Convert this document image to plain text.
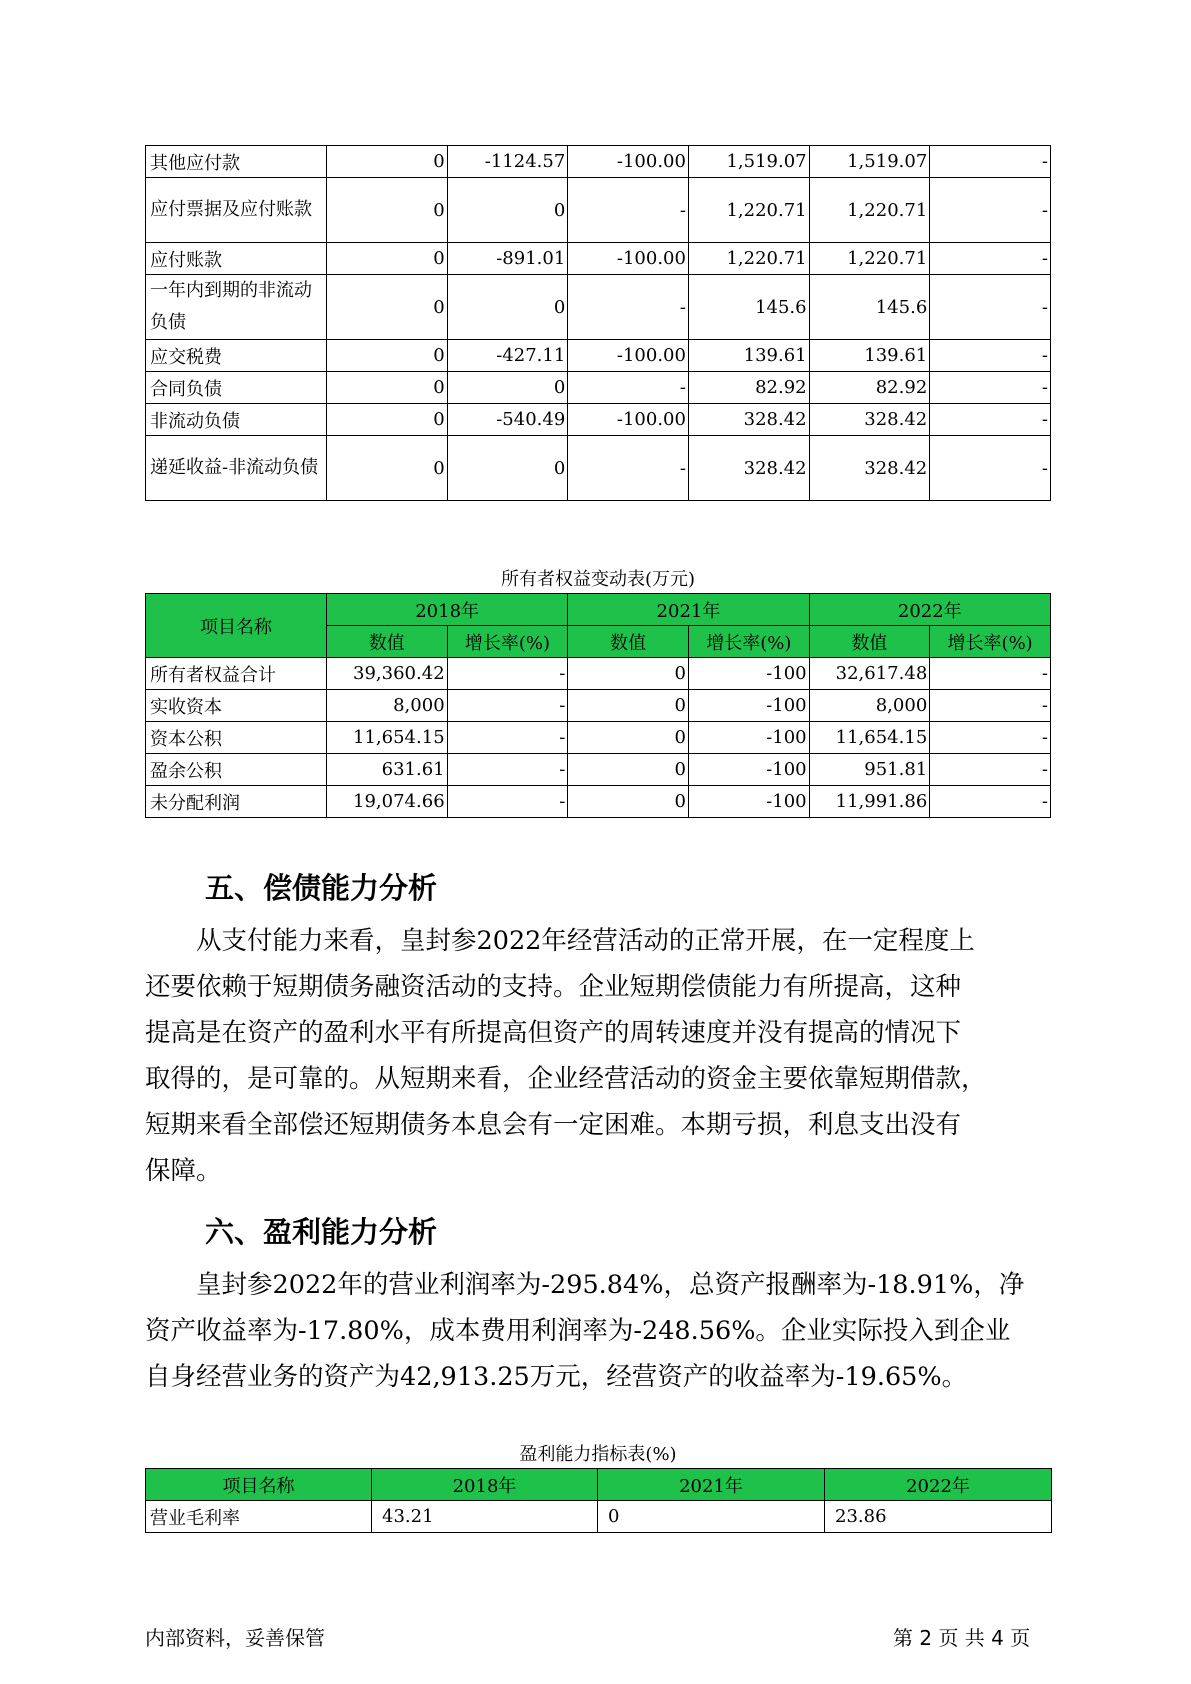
其他应付款	0	-1124.57	-100.00	1,519.07	1,519.07	-
应付票据及应付账款	0	0	-	1,220.71	1,220.71	-
应付账款	0	-891.01	-100.00	1,220.71	1,220.71	-
一年内到期的非流动负债	0	0	-	145.6	145.6	-
应交税费	0	-427.11	-100.00	139.61	139.61	-
合同负债	0	0	-	82.92	82.92	-
非流动负债	0	-540.49	-100.00	328.42	328.42	-
递延收益-非流动负债	0	0	-	328.42	328.42	-
所有者权益变动表(万元)
项目名称	2018年		2021年		2022年	
	数值	增长率(%)	数值	增长率(%)	数值	增长率(%)
所有者权益合计	39,360.42	-	0	-100	32,617.48	-
实收资本	8,000	-	0	-100	8,000	-
资本公积	11,654.15	-	0	-100	11,654.15	-
盈余公积	631.61	-	0	-100	951.81	-
未分配利润	19,074.66	-	0	-100	11,991.86	-
五、偿债能力分析
　　从支付能力来看，皇封参2022年经营活动的正常开展，在一定程度上
还要依赖于短期债务融资活动的支持。企业短期偿债能力有所提高，这种
提高是在资产的盈利水平有所提高但资产的周转速度并没有提高的情况下
取得的，是可靠的。从短期来看，企业经营活动的资金主要依靠短期借款，
短期来看全部偿还短期债务本息会有一定困难。本期亏损，利息支出没有
保障。
六、盈利能力分析
　　皇封参2022年的营业利润率为-295.84%，总资产报酬率为-18.91%，净
资产收益率为-17.80%，成本费用利润率为-248.56%。企业实际投入到企业
自身经营业务的资产为42,913.25万元，经营资产的收益率为-19.65%。
盈利能力指标表(%)
项目名称	2018年	2021年	2022年
营业毛利率	43.21	0	23.86
内部资料，妥善保管	第 2 页 共 4 页
